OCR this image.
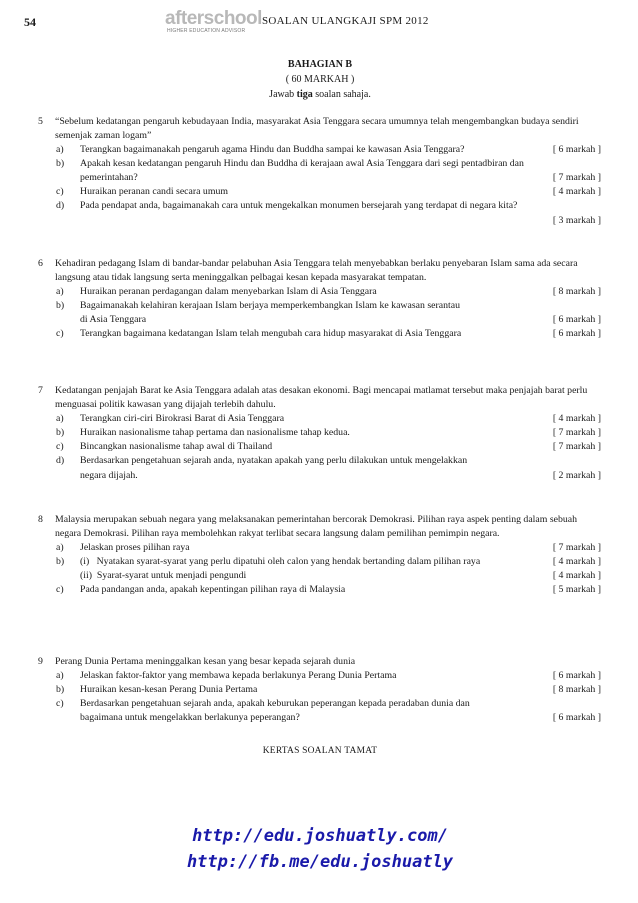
54	afterschool
HIGHER EDUCATION ADVISOR
SOALAN ULANGKAJI SPM 2012
BAHAGIAN B
( 60 MARKAH )
Jawab tiga soalan sahaja.
5 “Sebelum kedatangan pengaruh kebudayaan India, masyarakat Asia Tenggara secara umumnya telah mengembangkan budaya sendiri semenjak zaman logam”
a) Terangkan bagaimanakah pengaruh agama Hindu dan Buddha sampai ke kawasan Asia Tenggara?	[ 6 markah ]
b) Apakah kesan kedatangan pengaruh Hindu dan Buddha di kerajaan awal Asia Tenggara dari segi pentadbiran dan
pemerintahan?	[ 7 markah ]
c) Huraikan peranan candi secara umum	[ 4 markah ]
d) Pada pendapat anda, bagaimanakah cara untuk mengekalkan monumen bersejarah yang terdapat di negara kita?
[ 3 markah ]
6 Kehadiran pedagang Islam di bandar-bandar pelabuhan Asia Tenggara telah menyebabkan berlaku penyebaran Islam sama ada secara langsung atau tidak langsung serta meninggalkan pelbagai kesan kepada masyarakat tempatan.
a) Huraikan peranan perdagangan dalam menyebarkan Islam di Asia Tenggara	[ 8 markah ]
b) Bagaimanakah kelahiran kerajaan Islam berjaya memperkembangkan Islam ke kawasan serantau
di Asia Tenggara	[ 6 markah ]
c) Terangkan bagaimana kedatangan Islam telah mengubah cara hidup masyarakat di Asia Tenggara	[ 6 markah ]
7 Kedatangan penjajah Barat ke Asia Tenggara adalah atas desakan ekonomi. Bagi mencapai matlamat tersebut maka penjajah barat perlu menguasai politik kawasan yang dijajah terlebih dahulu.
a) Terangkan ciri-ciri Birokrasi Barat di Asia Tenggara	[ 4 markah ]
b) Huraikan nasionalisme tahap pertama dan nasionalisme tahap kedua.	[ 7 markah ]
c) Bincangkan nasionalisme tahap awal di Thailand	[ 7 markah ]
d) Berdasarkan pengetahuan sejarah anda, nyatakan apakah yang perlu dilakukan untuk mengelakkan
negara dijajah.	[ 2 markah ]
8 Malaysia merupakan sebuah negara yang melaksanakan pemerintahan bercorak Demokrasi. Pilihan raya aspek penting dalam sebuah negara Demokrasi. Pilihan raya membolehkan rakyat terlibat secara langsung dalam pemilihan pemimpin negara.
a) Jelaskan proses pilihan raya	[ 7 markah ]
b) (i)   Nyatakan syarat-syarat yang perlu dipatuhi oleh calon yang hendak bertanding dalam pilihan raya	[ 4 markah ]
(ii)  Syarat-syarat untuk menjadi pengundi	[ 4 markah ]
c) Pada pandangan anda, apakah kepentingan pilihan raya di Malaysia	[ 5 markah ]
9 Perang Dunia Pertama meninggalkan kesan yang besar kepada sejarah dunia
a) Jelaskan faktor-faktor yang membawa kepada berlakunya Perang Dunia Pertama	[ 6 markah ]
b) Huraikan kesan-kesan Perang Dunia Pertama	[ 8 markah ]
c) Berdasarkan pengetahuan sejarah anda, apakah keburukan peperangan kepada peradaban dunia dan
bagaimana untuk mengelakkan berlakunya peperangan?	[ 6 markah ]
KERTAS SOALAN TAMAT
http://edu.joshuatly.com/
http://fb.me/edu.joshuatly
